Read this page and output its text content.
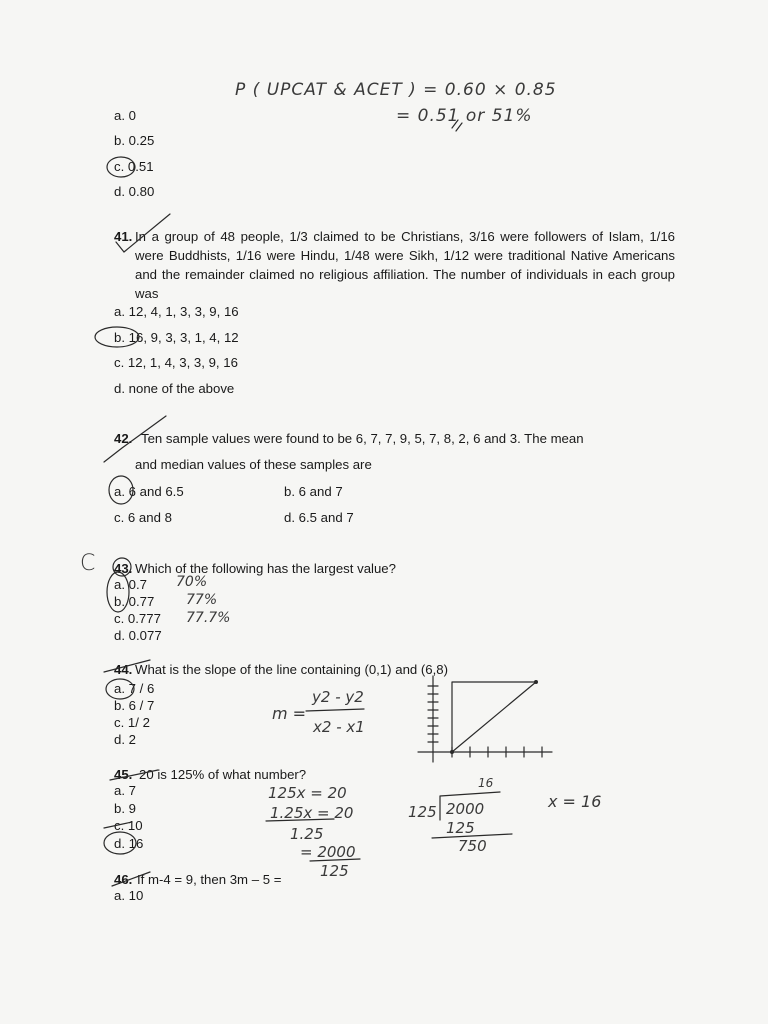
P ( UPCAT & ACET ) = 0.60 × 0.85
= 0.51 or 51%
a. 0
b. 0.25
c. 0.51
d. 0.80
41. In a group of 48 people, 1/3 claimed to be Christians, 3/16 were followers of Islam, 1/16 were Buddhists, 1/16 were Hindu, 1/48 were Sikh, 1/12 were traditional Native Americans and the remainder claimed no religious affiliation. The number of individuals in each group was
a. 12, 4, 1, 3, 3, 9, 16
b. 16, 9, 3, 3, 1, 4, 12
c. 12, 1, 4, 3, 3, 9, 16
d. none of the above
42. Ten sample values were found to be 6, 7, 7, 9, 5, 7, 8, 2, 6 and 3. The mean
and median values of these samples are
a. 6 and 6.5	b. 6 and 7
c. 6 and 8	d. 6.5 and 7
C 43. Which of the following has the largest value?
a. 0.7
b. 0.77
c. 0.777
d. 0.077
70%
77%
77.7%
44. What is the slope of the line containing (0,1) and (6,8)
a. 7 / 6
b. 6 / 7
c. 1/ 2
d. 2
m =
y2 - y2
x2 - x1
45. 20 is 125% of what number?
a. 7
b. 9
c. 10
d. 16
125x = 20
1.25x = 20
1.25
= 2000
125
16
125 2000
125
750
x = 16
46. If m-4 = 9, then 3m – 5 =
a. 10
